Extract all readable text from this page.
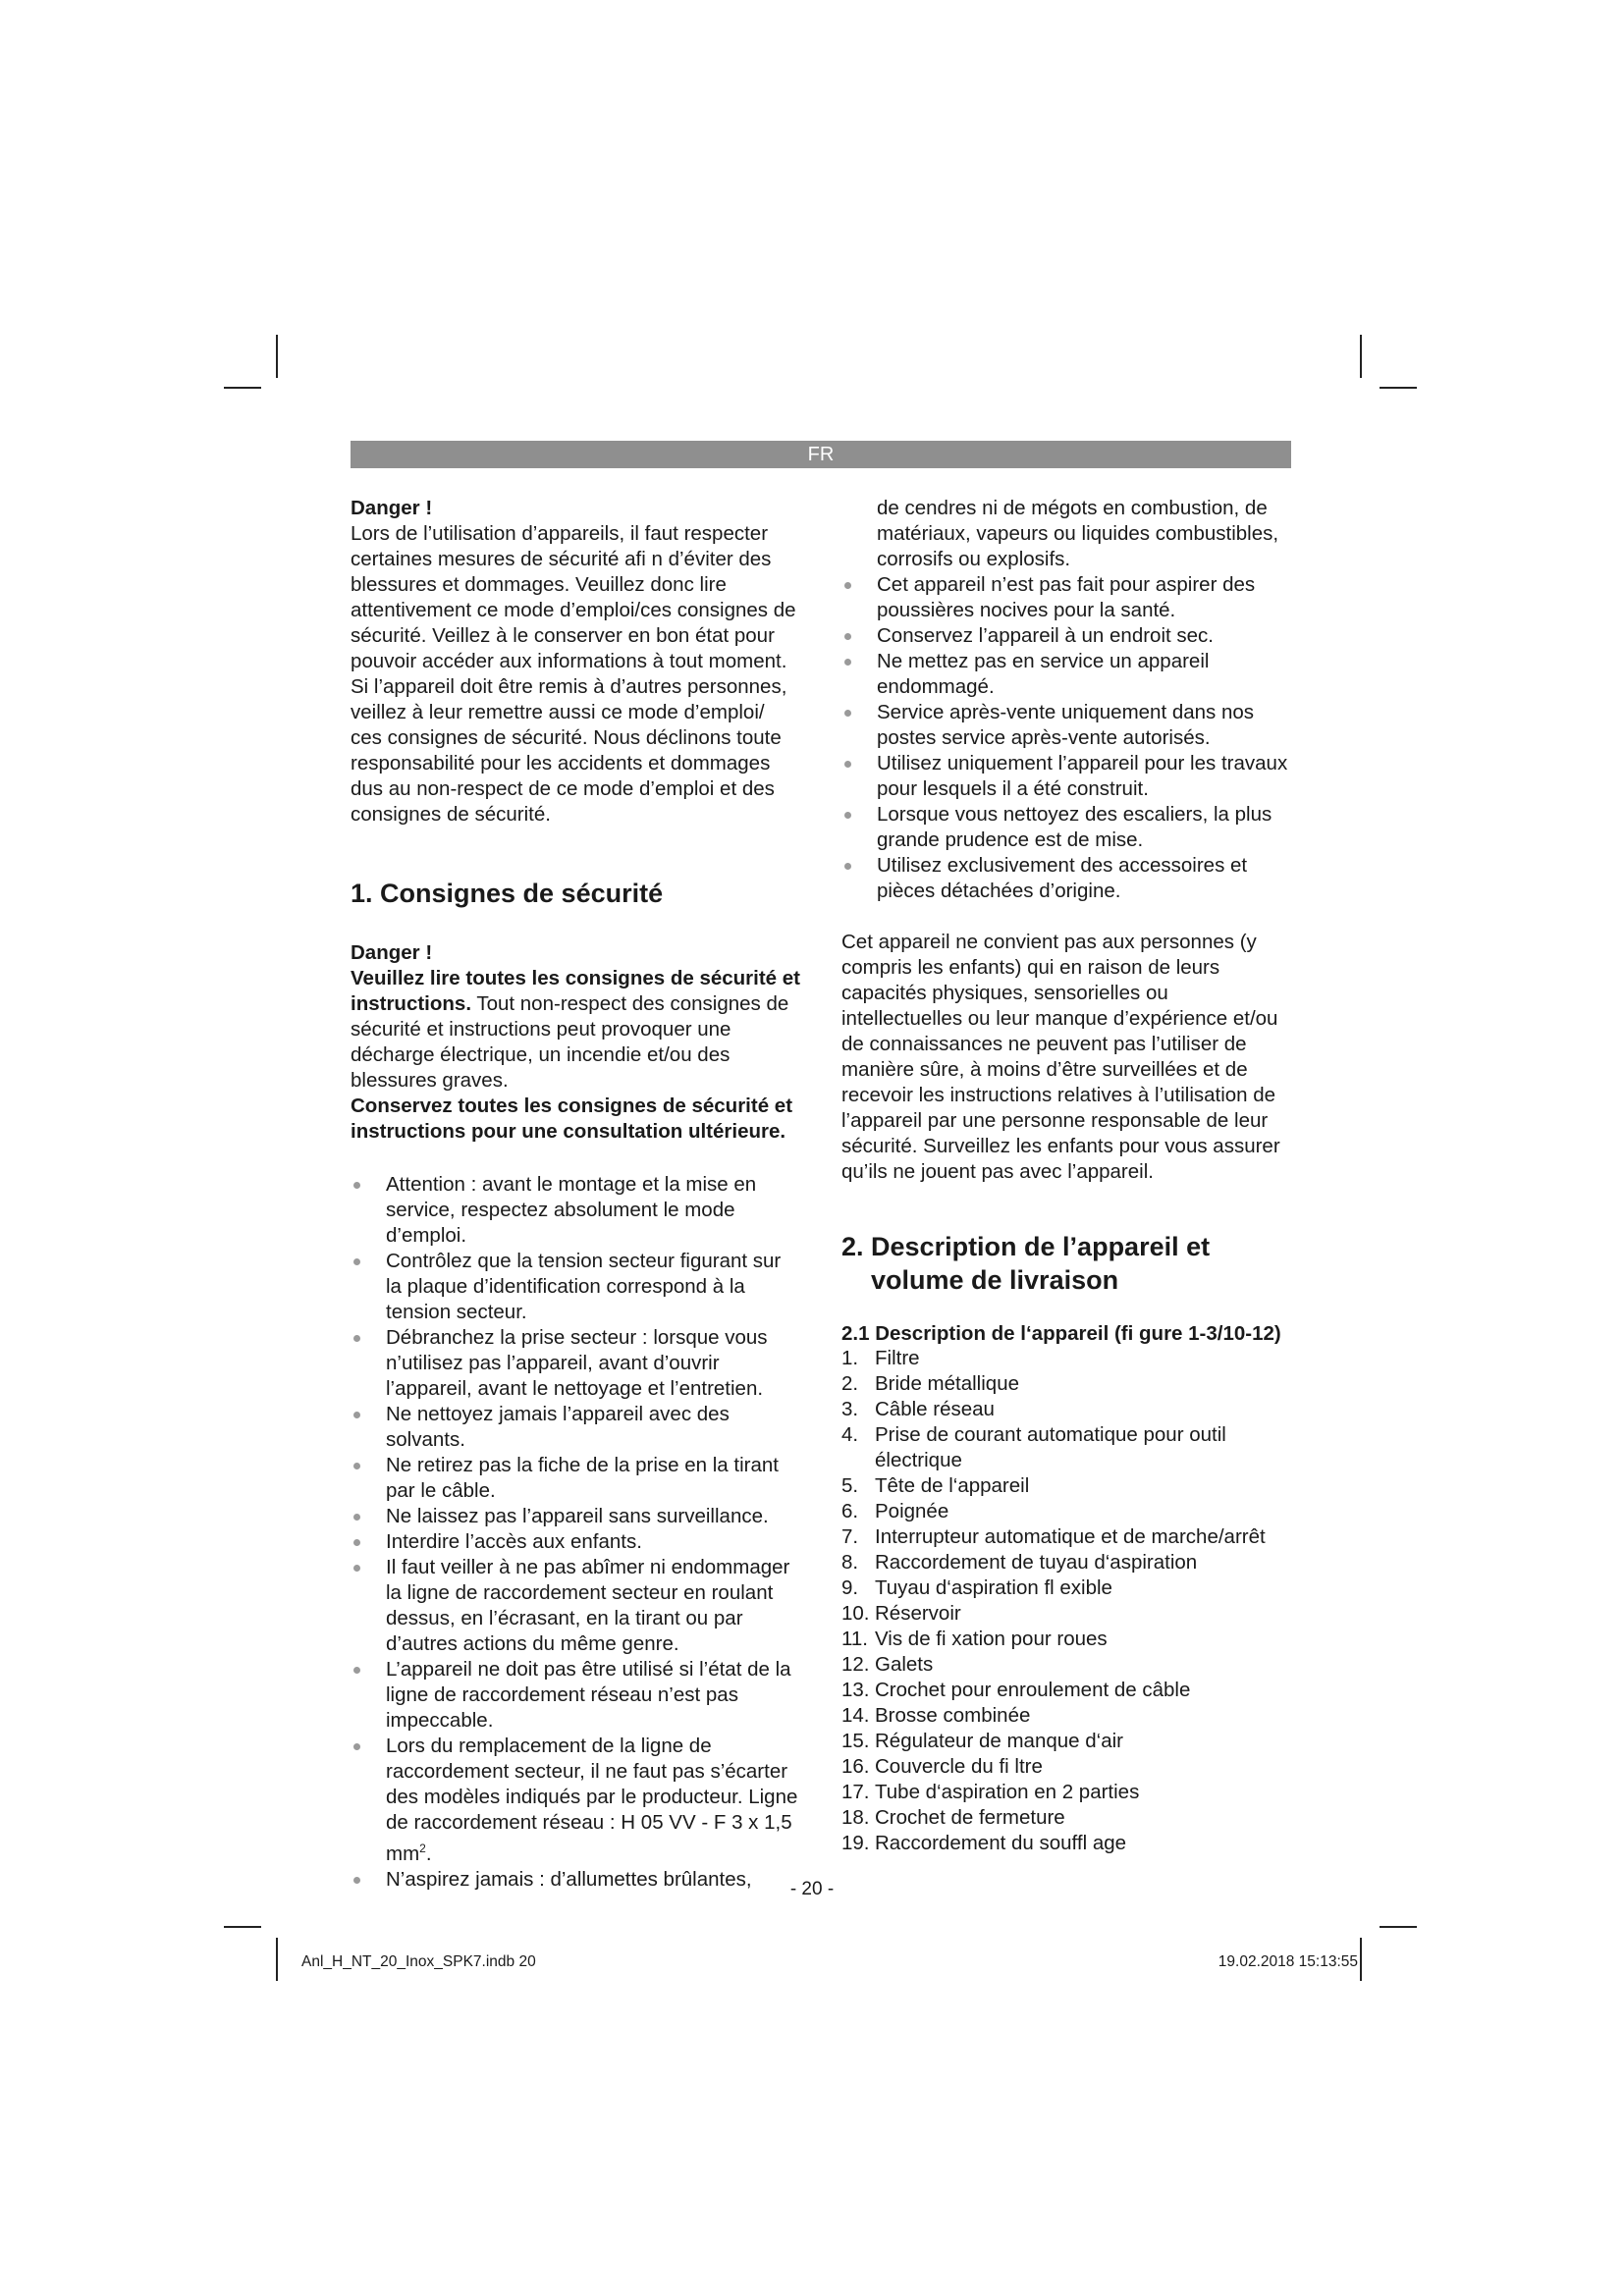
FR

Danger !

Lors de l’utilisation d’appareils, il faut respecter certaines mesures de sécurité afi n d’éviter des blessures et dommages. Veuillez donc lire attentivement ce mode d’emploi/ces consignes de sécurité. Veillez à le conserver en bon état pour pouvoir accéder aux informations à tout moment. Si l’appareil doit être remis à d’autres personnes, veillez à leur remettre aussi ce mode d’emploi/ ces consignes de sécurité. Nous déclinons toute responsabilité pour les accidents et dommages dus au non-respect de ce mode d’emploi et des consignes de sécurité.

1. Consignes de sécurité

Danger !

Veuillez lire toutes les consignes de sécurité et instructions. Tout non-respect des consignes de sécurité et instructions peut provoquer une décharge électrique, un incendie et/ou des blessures graves.

Conservez toutes les consignes de sécurité et instructions pour une consultation ultérieure.

Attention : avant le montage et la mise en service, respectez absolument le mode d’emploi.
Contrôlez que la tension secteur figurant sur la plaque d’identification correspond à la tension secteur.
Débranchez la prise secteur : lorsque vous n’utilisez pas l’appareil, avant d’ouvrir l’appareil, avant le nettoyage et l’entretien.
Ne nettoyez jamais l’appareil avec des solvants.
Ne retirez pas la fiche de la prise en la tirant par le câble.
Ne laissez pas l’appareil sans surveillance.
Interdire l’accès aux enfants.
Il faut veiller à ne pas abîmer ni endommager la ligne de raccordement secteur en roulant dessus, en l’écrasant, en la tirant ou par d’autres actions du même genre.
L’appareil ne doit pas être utilisé si l’état de la ligne de raccordement réseau n’est pas impeccable.
Lors du remplacement de la ligne de raccordement secteur, il ne faut pas s’écarter des modèles indiqués par le producteur. Ligne de raccordement réseau : H 05 VV - F 3 x 1,5 $mm^2$.
N’aspirez jamais : d’allumettes brûlantes,

de cendres ni de mégots en combustion, de matériaux, vapeurs ou liquides combustibles, corrosifs ou explosifs.

Cet appareil n’est pas fait pour aspirer des poussières nocives pour la santé.
Conservez l’appareil à un endroit sec.
Ne mettez pas en service un appareil endommagé.
Service après-vente uniquement dans nos postes service après-vente autorisés.
Utilisez uniquement l’appareil pour les travaux pour lesquels il a été construit.
Lorsque vous nettoyez des escaliers, la plus grande prudence est de mise.
Utilisez exclusivement des accessoires et pièces détachées d’origine.

Cet appareil ne convient pas aux personnes (y compris les enfants) qui en raison de leurs capacités physiques, sensorielles ou intellectuelles ou leur manque d’expérience et/ou de connaissances ne peuvent pas l’utiliser de manière sûre, à moins d’être surveillées et de recevoir les instructions relatives à l’utilisation de l’appareil par une personne responsable de leur sécurité. Surveillez les enfants pour vous assurer qu’ils ne jouent pas avec l’appareil.

2. Description de l’appareil et volume de livraison
2.1 Description de l‘appareil (fi gure 1-3/10-12)
1. Filtre
2. Bride métallique
3. Câble réseau
4. Prise de courant automatique pour outil électrique
5. Tête de l‘appareil
6. Poignée
7. Interrupteur automatique et de marche/arrêt
8. Raccordement de tuyau d‘aspiration
9. Tuyau d‘aspiration fl exible
10. Réservoir
11. Vis de fi xation pour roues
12. Galets
13. Crochet pour enroulement de câble
14. Brosse combinée
15. Régulateur de manque d‘air
16. Couvercle du fi ltre
17. Tube d‘aspiration en 2 parties
18. Crochet de fermeture
19. Raccordement du souffl age
- 20 -
Anl_H_NT_20_Inox_SPK7.indb 20	19.02.2018 15:13:55
